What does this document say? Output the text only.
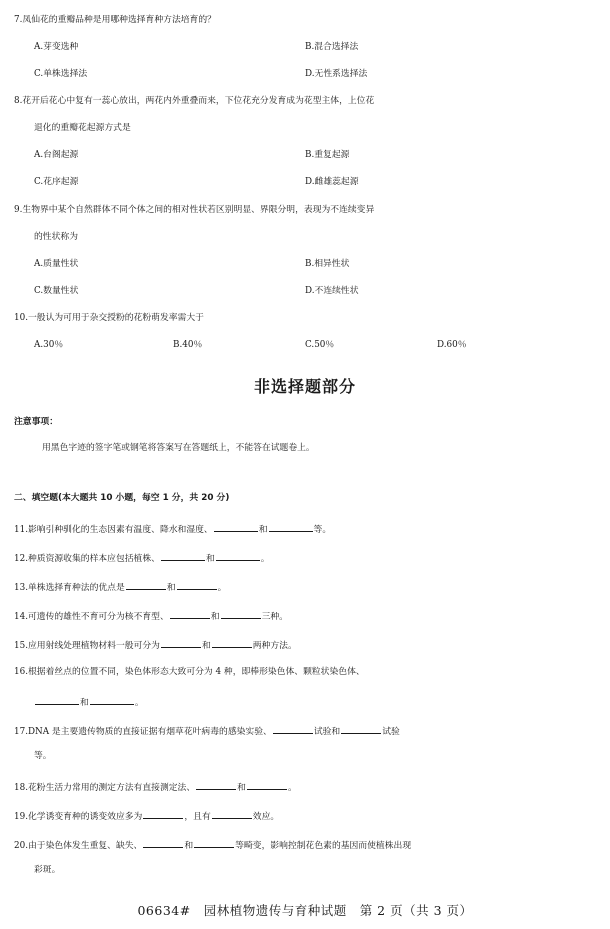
7.凤仙花的重瓣品种是用哪种选择育种方法培育的？
A.芽变选种	B.混合选择法
C.单株选择法	D.无性系选择法
8.花开后花心中复有一蕊心放出，两花内外重叠而来，下位花充分发育成为花型主体，上位花
退化的重瓣花起源方式是
A.台阁起源	B.重复起源
C.花序起源	D.雌雄蕊起源
9.生物界中某个自然群体不同个体之间的相对性状若区别明显、界限分明，表现为不连续变异
的性状称为
A.质量性状	B.相异性状
C.数量性状	D.不连续性状
10.一般认为可用于杂交授粉的花粉萌发率需大于
A.30％	B.40％	C.50％	D.60％
非选择题部分
注意事项：
用黑色字迹的签字笔或钢笔将答案写在答题纸上，不能答在试题卷上。
二、填空题(本大题共 10 小题，每空 1 分，共 20 分)
11.影响引种驯化的生态因素有温度、降水和湿度、	和	等。
12.种质资源收集的样本应包括植株、	和	。
13.单株选择育种法的优点是	和	。
14.可遗传的雄性不育可分为核不育型、	和	三种。
15.应用射线处理植物材料一般可分为	和	两种方法。
16.根据着丝点的位置不同，染色体形态大致可分为 4 种，即棒形染色体、颗粒状染色体、
和	。
17.DNA 是主要遗传物质的直接证据有烟草花叶病毒的感染实验、	试验和	试验
等。
18.花粉生活力常用的测定方法有直接测定法、	和	。
19.化学诱变育种的诱变效应多为	，且有	效应。
20.由于染色体发生重复、缺失、	和	等畸变，影响控制花色素的基因而使植株出现
彩斑。
06634#　园林植物遗传与育种试题　第 2 页（共 3 页）
